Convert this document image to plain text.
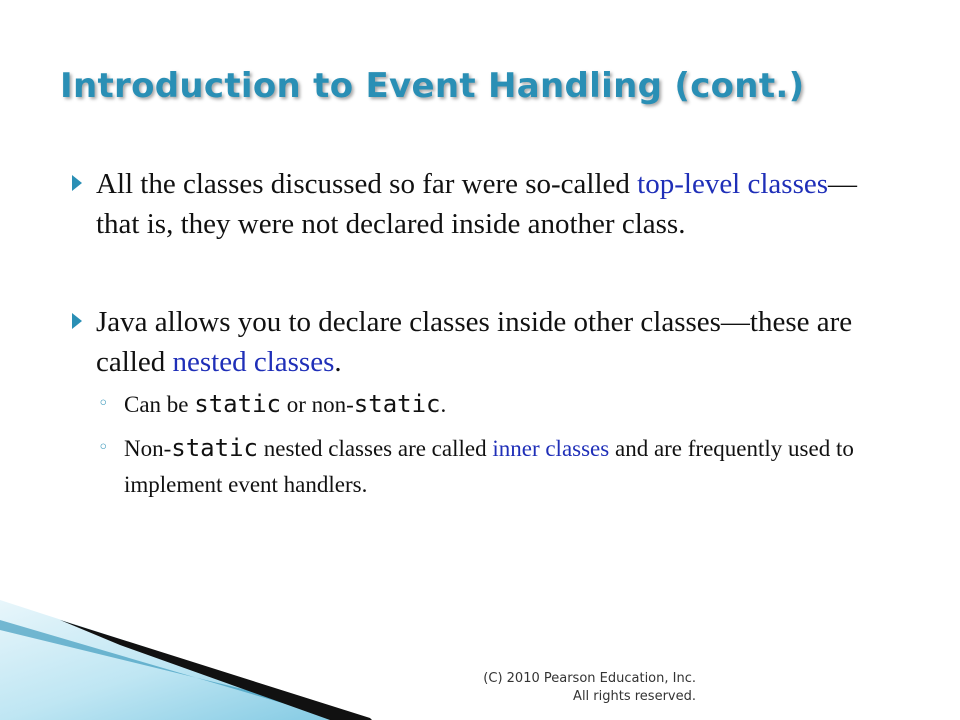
Introduction to Event Handling (cont.)
All the classes discussed so far were so-called top-level classes—that is, they were not declared inside another class.
Java allows you to declare classes inside other classes—these are called nested classes.
◦ Can be static or non-static.
◦ Non-static nested classes are called inner classes and are frequently used to implement event handlers.
(C) 2010 Pearson Education, Inc.
All rights reserved.
